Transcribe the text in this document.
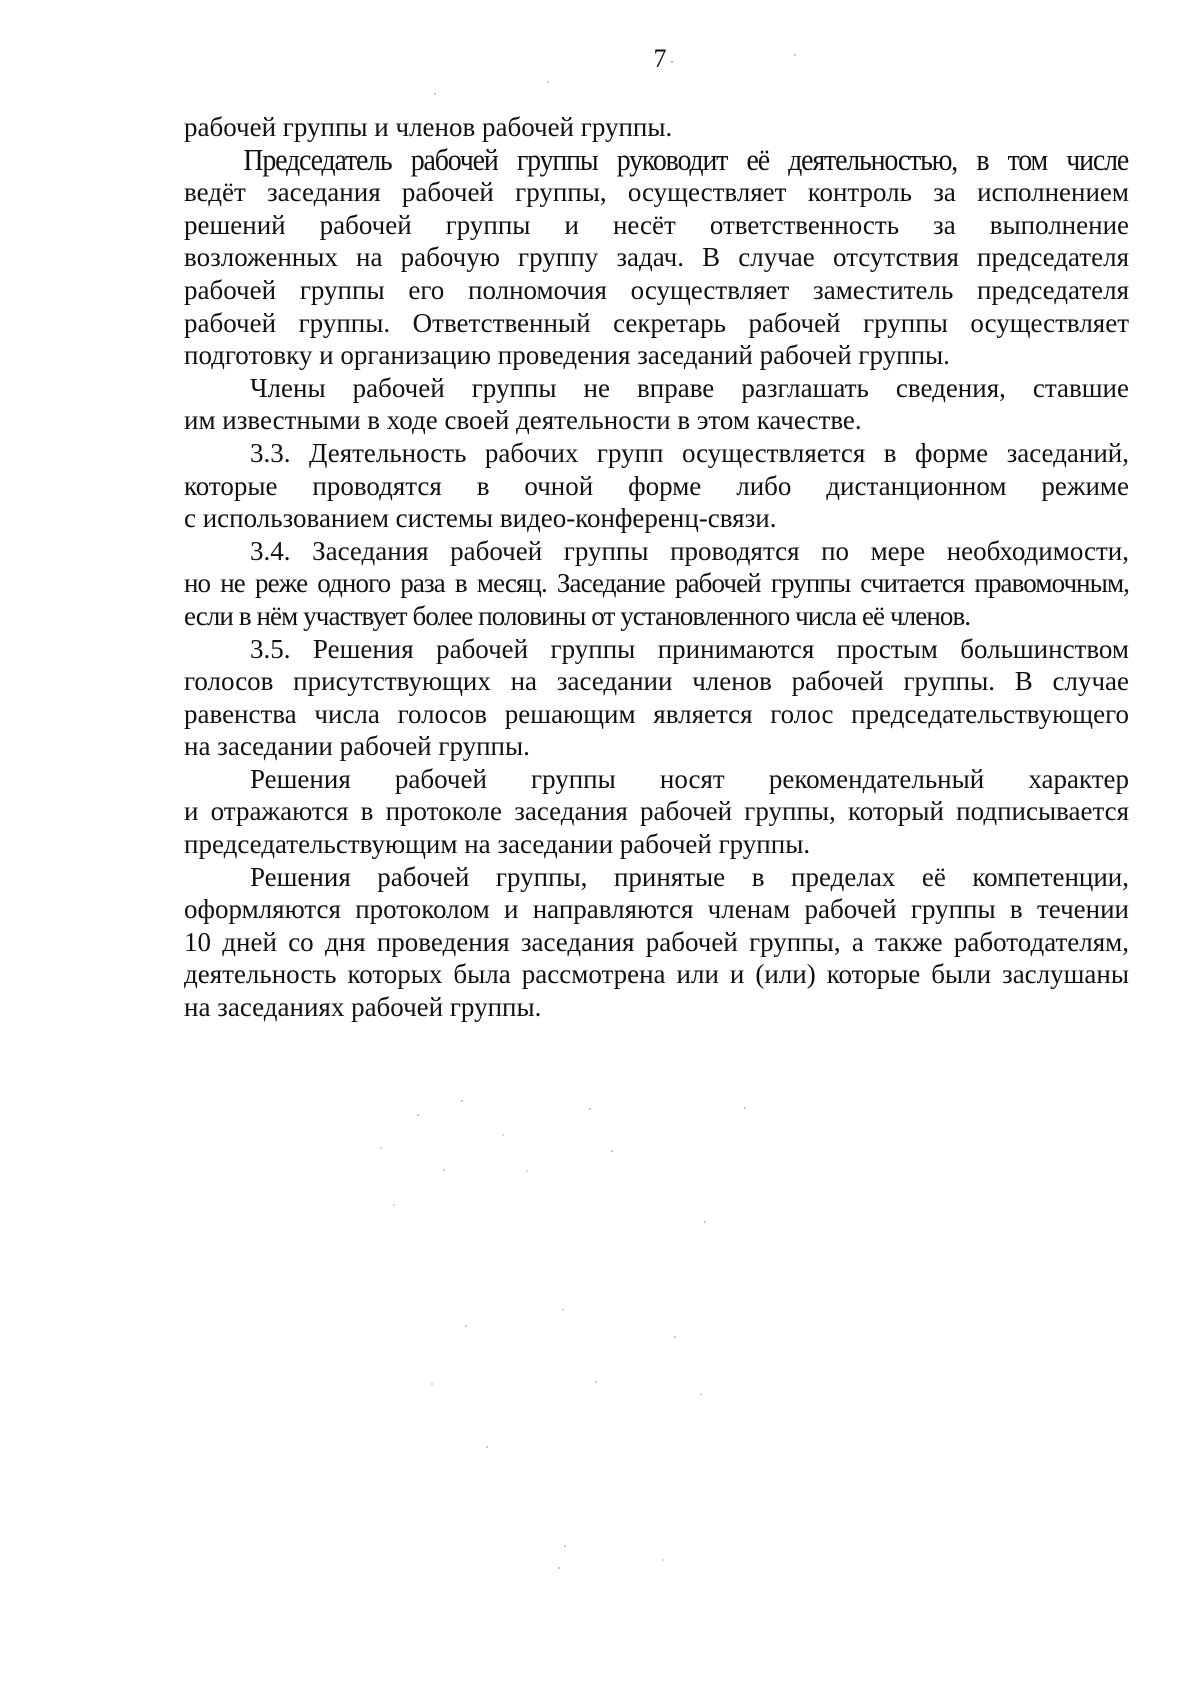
7
рабочей группы и членов рабочей группы.
Председатель рабочей группы руководит её деятельностью, в том числе
ведёт заседания рабочей группы, осуществляет контроль за исполнением
решений рабочей группы и несёт ответственность за выполнение
возложенных на рабочую группу задач. В случае отсутствия председателя
рабочей группы его полномочия осуществляет заместитель председателя
рабочей группы. Ответственный секретарь рабочей группы осуществляет
подготовку и организацию проведения заседаний рабочей группы.
Члены рабочей группы не вправе разглашать сведения, ставшие
им известными в ходе своей деятельности в этом качестве.
3.3. Деятельность рабочих групп осуществляется в форме заседаний,
которые проводятся в очной форме либо дистанционном режиме
с использованием системы видео-конференц-связи.
3.4. Заседания рабочей группы проводятся по мере необходимости,
но не реже одного раза в месяц. Заседание рабочей группы считается правомочным,
если в нём участвует более половины от установленного числа её членов.
3.5. Решения рабочей группы принимаются простым большинством
голосов присутствующих на заседании членов рабочей группы. В случае
равенства числа голосов решающим является голос председательствующего
на заседании рабочей группы.
Решения рабочей группы носят рекомендательный характер
и отражаются в протоколе заседания рабочей группы, который подписывается
председательствующим на заседании рабочей группы.
Решения рабочей группы, принятые в пределах её компетенции,
оформляются протоколом и направляются членам рабочей группы в течении
10 дней со дня проведения заседания рабочей группы, а также работодателям,
деятельность которых была рассмотрена или и (или) которые были заслушаны
на заседаниях рабочей группы.
